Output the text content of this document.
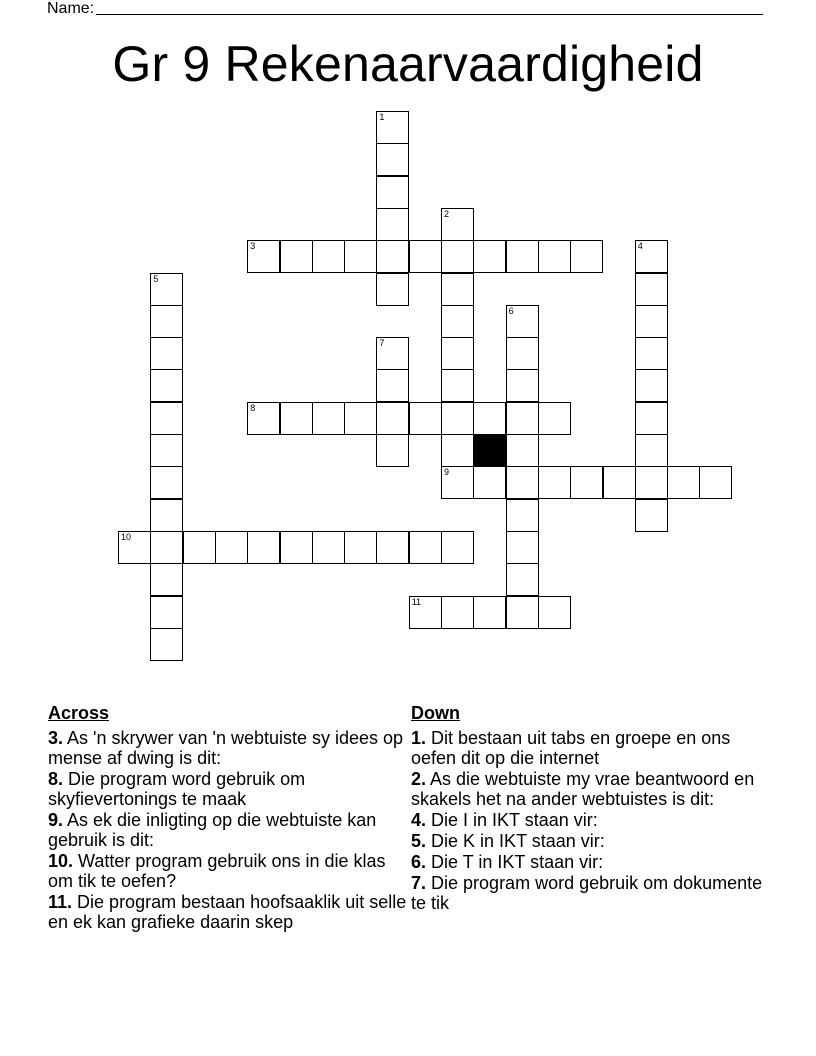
Name:
Gr 9 Rekenaarvaardigheid
1
2
9
3	4
5
6
7
8
10
11
Across
3. As 'n skrywer van 'n webtuiste sy idees op mense af dwing is dit:
8. Die program word gebruik om skyfievertonings te maak
9. As ek die inligting op die webtuiste kan gebruik is dit:
10. Watter program gebruik ons in die klas om tik te oefen?
11. Die program bestaan hoofsaaklik uit selle en ek kan grafieke daarin skep
Down
1. Dit bestaan uit tabs en groepe en ons oefen dit op die internet
2. As die webtuiste my vrae beantwoord en skakels het na ander webtuistes is dit:
4. Die I in IKT staan vir:
5. Die K in IKT staan vir:
6. Die T in IKT staan vir:
7. Die program word gebruik om dokumente te tik
